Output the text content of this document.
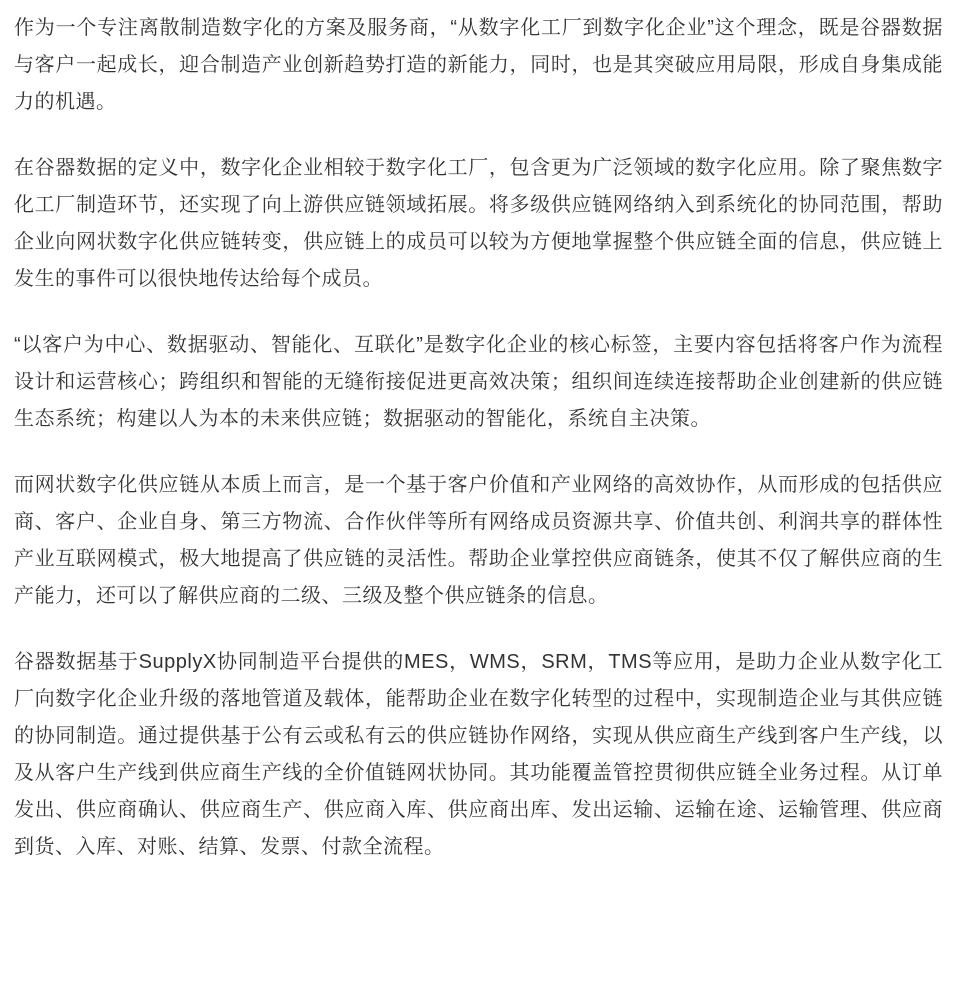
作为一个专注离散制造数字化的方案及服务商，“从数字化工厂到数字化企业”这个理念，既是谷器数据与客户一起成长，迎合制造产业创新趋势打造的新能力，同时，也是其突破应用局限，形成自身集成能力的机遇。

在谷器数据的定义中，数字化企业相较于数字化工厂，包含更为广泛领域的数字化应用。除了聚焦数字化工厂制造环节，还实现了向上游供应链领域拓展。将多级供应链网络纳入到系统化的协同范围，帮助企业向网状数字化供应链转变，供应链上的成员可以较为方便地掌握整个供应链全面的信息，供应链上发生的事件可以很快地传达给每个成员。

“以客户为中心、数据驱动、智能化、互联化”是数字化企业的核心标签，主要内容包括将客户作为流程设计和运营核心；跨组织和智能的无缝衔接促进更高效决策；组织间连续连接帮助企业创建新的供应链生态系统；构建以人为本的未来供应链；数据驱动的智能化，系统自主决策。

而网状数字化供应链从本质上而言，是一个基于客户价值和产业网络的高效协作，从而形成的包括供应商、客户、企业自身、第三方物流、合作伙伴等所有网络成员资源共享、价值共创、利润共享的群体性产业互联网模式，极大地提高了供应链的灵活性。帮助企业掌控供应商链条，使其不仅了解供应商的生产能力，还可以了解供应商的二级、三级及整个供应链条的信息。

谷器数据基于SupplyX协同制造平台提供的MES，WMS，SRM，TMS等应用，是助力企业从数字化工厂向数字化企业升级的落地管道及载体，能帮助企业在数字化转型的过程中，实现制造企业与其供应链的协同制造。通过提供基于公有云或私有云的供应链协作网络，实现从供应商生产线到客户生产线，以及从客户生产线到供应商生产线的全价值链网状协同。其功能覆盖管控贯彻供应链全业务过程。从订单发出、供应商确认、供应商生产、供应商入库、供应商出库、发出运输、运输在途、运输管理、供应商到货、入库、对账、结算、发票、付款全流程。
